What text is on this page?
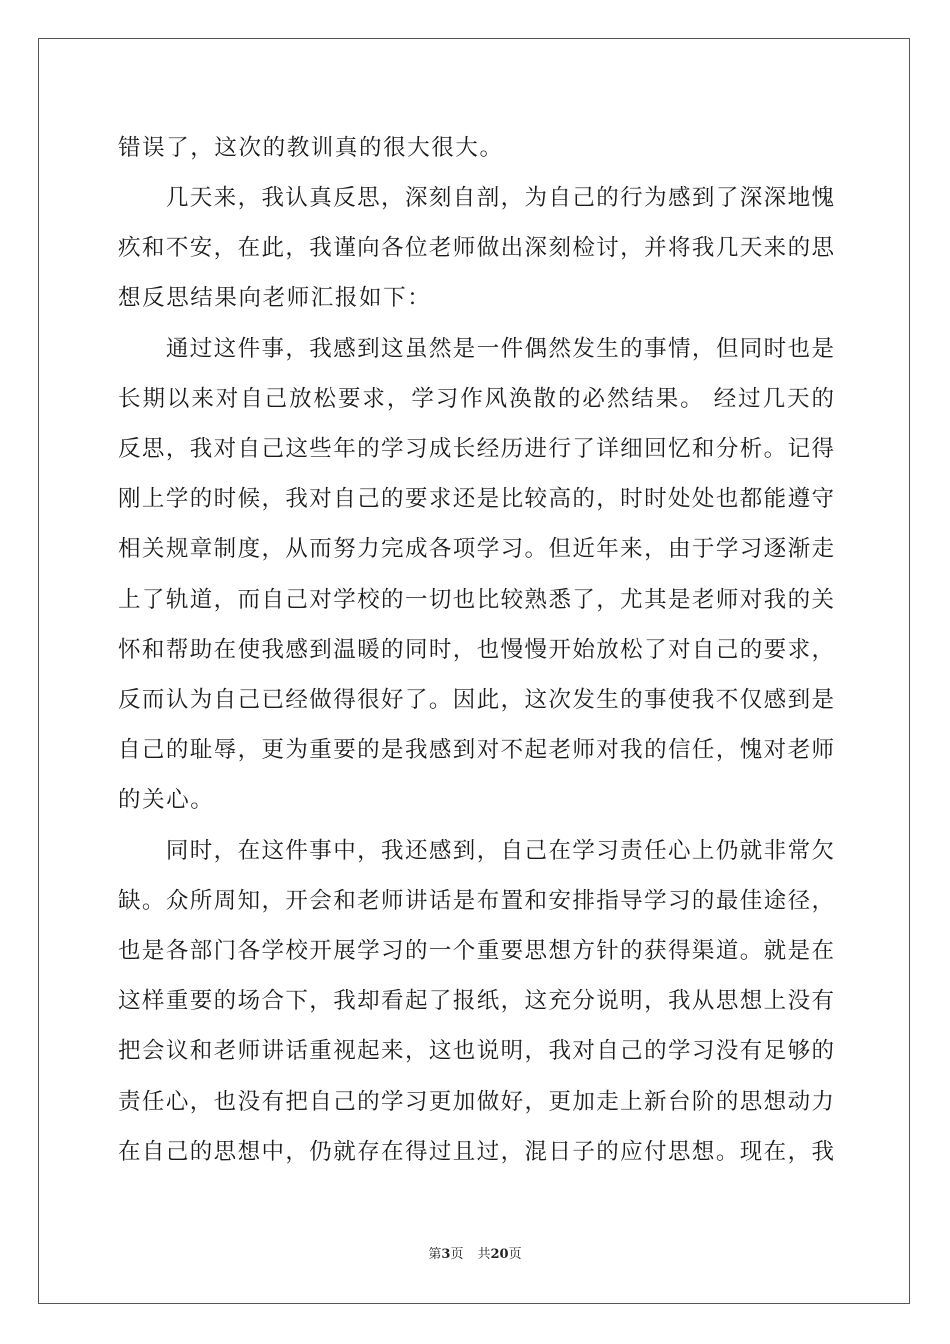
错误了，这次的教训真的很大很大。
　　几天来，我认真反思，深刻自剖，为自己的行为感到了深深地愧
疚和不安，在此，我谨向各位老师做出深刻检讨，并将我几天来的思
想反思结果向老师汇报如下：
　　通过这件事，我感到这虽然是一件偶然发生的事情，但同时也是
长期以来对自己放松要求，学习作风涣散的必然结果。 经过几天的
反思，我对自己这些年的学习成长经历进行了详细回忆和分析。记得
刚上学的时候，我对自己的要求还是比较高的，时时处处也都能遵守
相关规章制度，从而努力完成各项学习。但近年来，由于学习逐渐走
上了轨道，而自己对学校的一切也比较熟悉了，尤其是老师对我的关
怀和帮助在使我感到温暖的同时，也慢慢开始放松了对自己的要求，
反而认为自己已经做得很好了。因此，这次发生的事使我不仅感到是
自己的耻辱，更为重要的是我感到对不起老师对我的信任，愧对老师
的关心。
　　同时，在这件事中，我还感到，自己在学习责任心上仍就非常欠
缺。众所周知，开会和老师讲话是布置和安排指导学习的最佳途径，
也是各部门各学校开展学习的一个重要思想方针的获得渠道。就是在
这样重要的场合下，我却看起了报纸，这充分说明，我从思想上没有
把会议和老师讲话重视起来，这也说明，我对自己的学习没有足够的
责任心，也没有把自己的学习更加做好，更加走上新台阶的思想动力
在自己的思想中，仍就存在得过且过，混日子的应付思想。现在，我
第3页 共20页
